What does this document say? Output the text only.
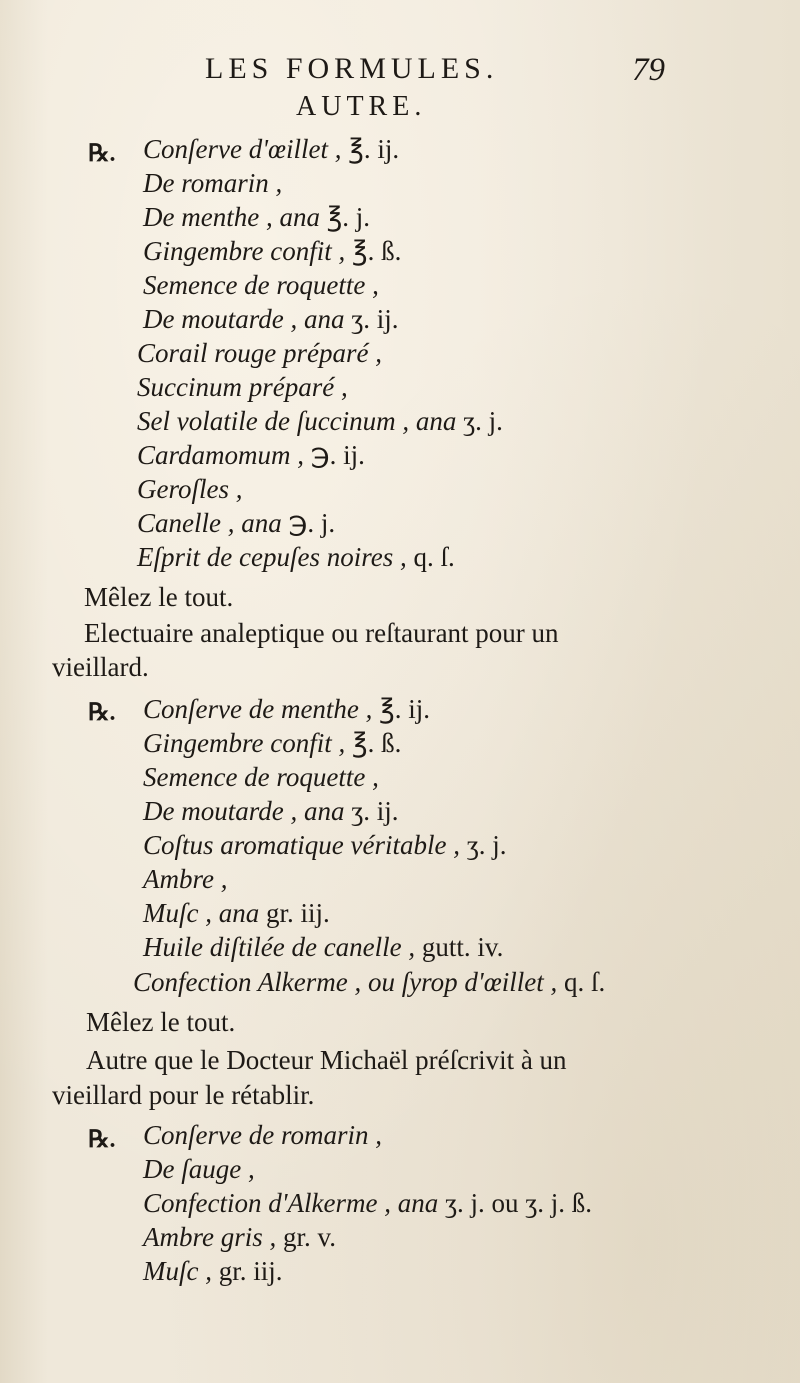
LES FORMULES.	79
AUTRE.
℞. Conſerve d'œillet , ℥. ij.
De romarin ,
De menthe , ana ℥. j.
Gingembre confit , ℥. ß.
Semence de roquette ,
De moutarde , ana ʒ. ij.
Corail rouge préparé ,
Succinum préparé ,
Sel volatile de ſuccinum , ana ʒ. j.
Cardamomum , ℈. ij.
Geroſles ,
Canelle , ana ℈. j.
Eſprit de cериſes noires , q. ſ.
Mêlez le tout.
Electuaire analeptique ou reſtaurant pour un
vieillard.
℞. Conſerve de menthe , ℥. ij.
Gingembre confit , ℥. ß.
Semence de roquette ,
De moutarde , ana ʒ. ij.
Coſtus aromatique véritable , ʒ. j.
Ambre ,
Muſc , ana gr. iij.
Huile diſtilée de canelle , gutt. iv.
Confection Alkerme , ou ſyrop d'œillet , q. ſ.
Mêlez le tout.
Autre que le Docteur Michaël préſcrivit à un
vieillard pour le rétablir.
℞. Conſerve de romarin ,
De ſauge ,
Confection d'Alkerme , ana ʒ. j. ou ʒ. j. ß.
Ambre gris , gr. v.
Muſc , gr. iij.
